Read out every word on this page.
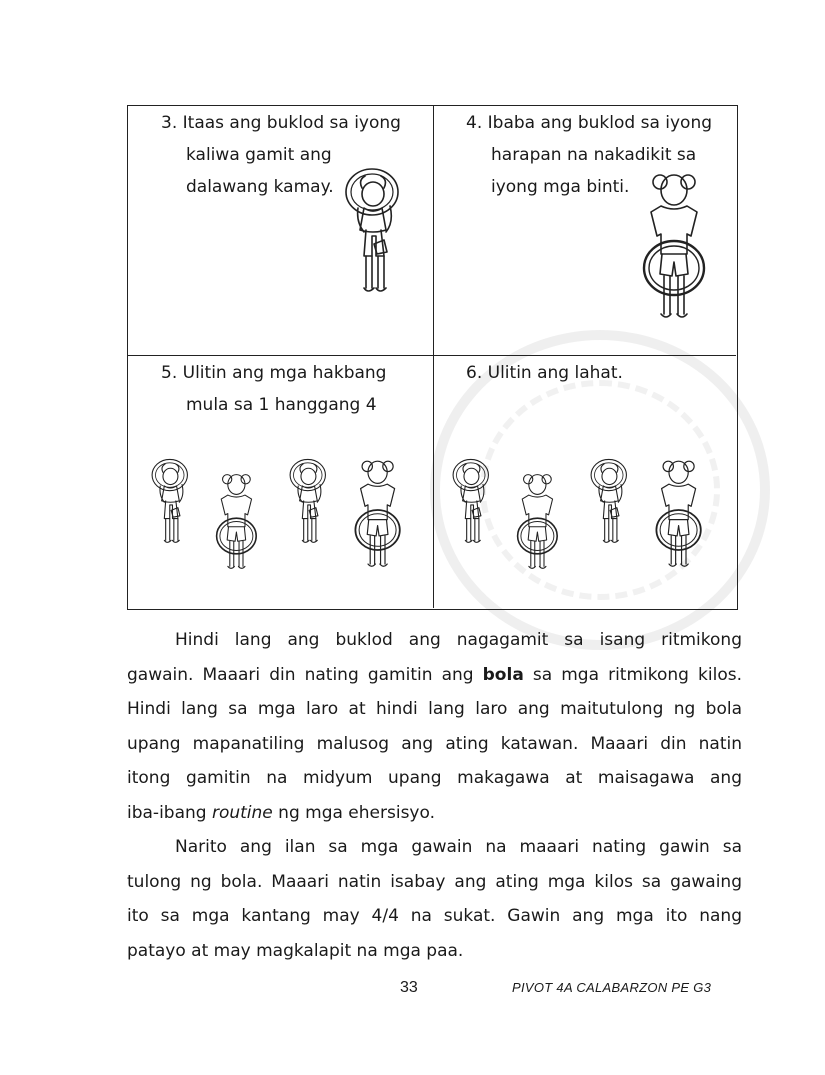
3. Itaas ang buklod sa iyong
kaliwa gamit ang
dalawang kamay.
4. Ibaba ang buklod sa iyong
harapan na nakadikit sa
iyong mga binti.
5. Ulitin ang mga hakbang
mula sa 1 hanggang 4
6. Ulitin ang lahat.
Hindi lang ang buklod ang nagagamit sa isang ritmikong
gawain. Maaari din nating gamitin ang bola sa mga ritmikong kilos.
Hindi lang sa mga laro at hindi lang laro ang maitutulong ng bola
upang mapanatiling malusog ang ating katawan. Maaari din natin
itong gamitin na midyum upang makagawa at maisagawa ang
iba-ibang routine ng mga ehersisyo.
Narito ang ilan sa mga gawain na maaari nating gawin sa
tulong ng bola. Maaari natin isabay ang ating mga kilos sa gawaing
ito sa mga kantang may 4/4 na sukat. Gawin ang mga ito nang
patayo at may magkalapit na mga paa.
33	PIVOT 4A CALABARZON PE G3
